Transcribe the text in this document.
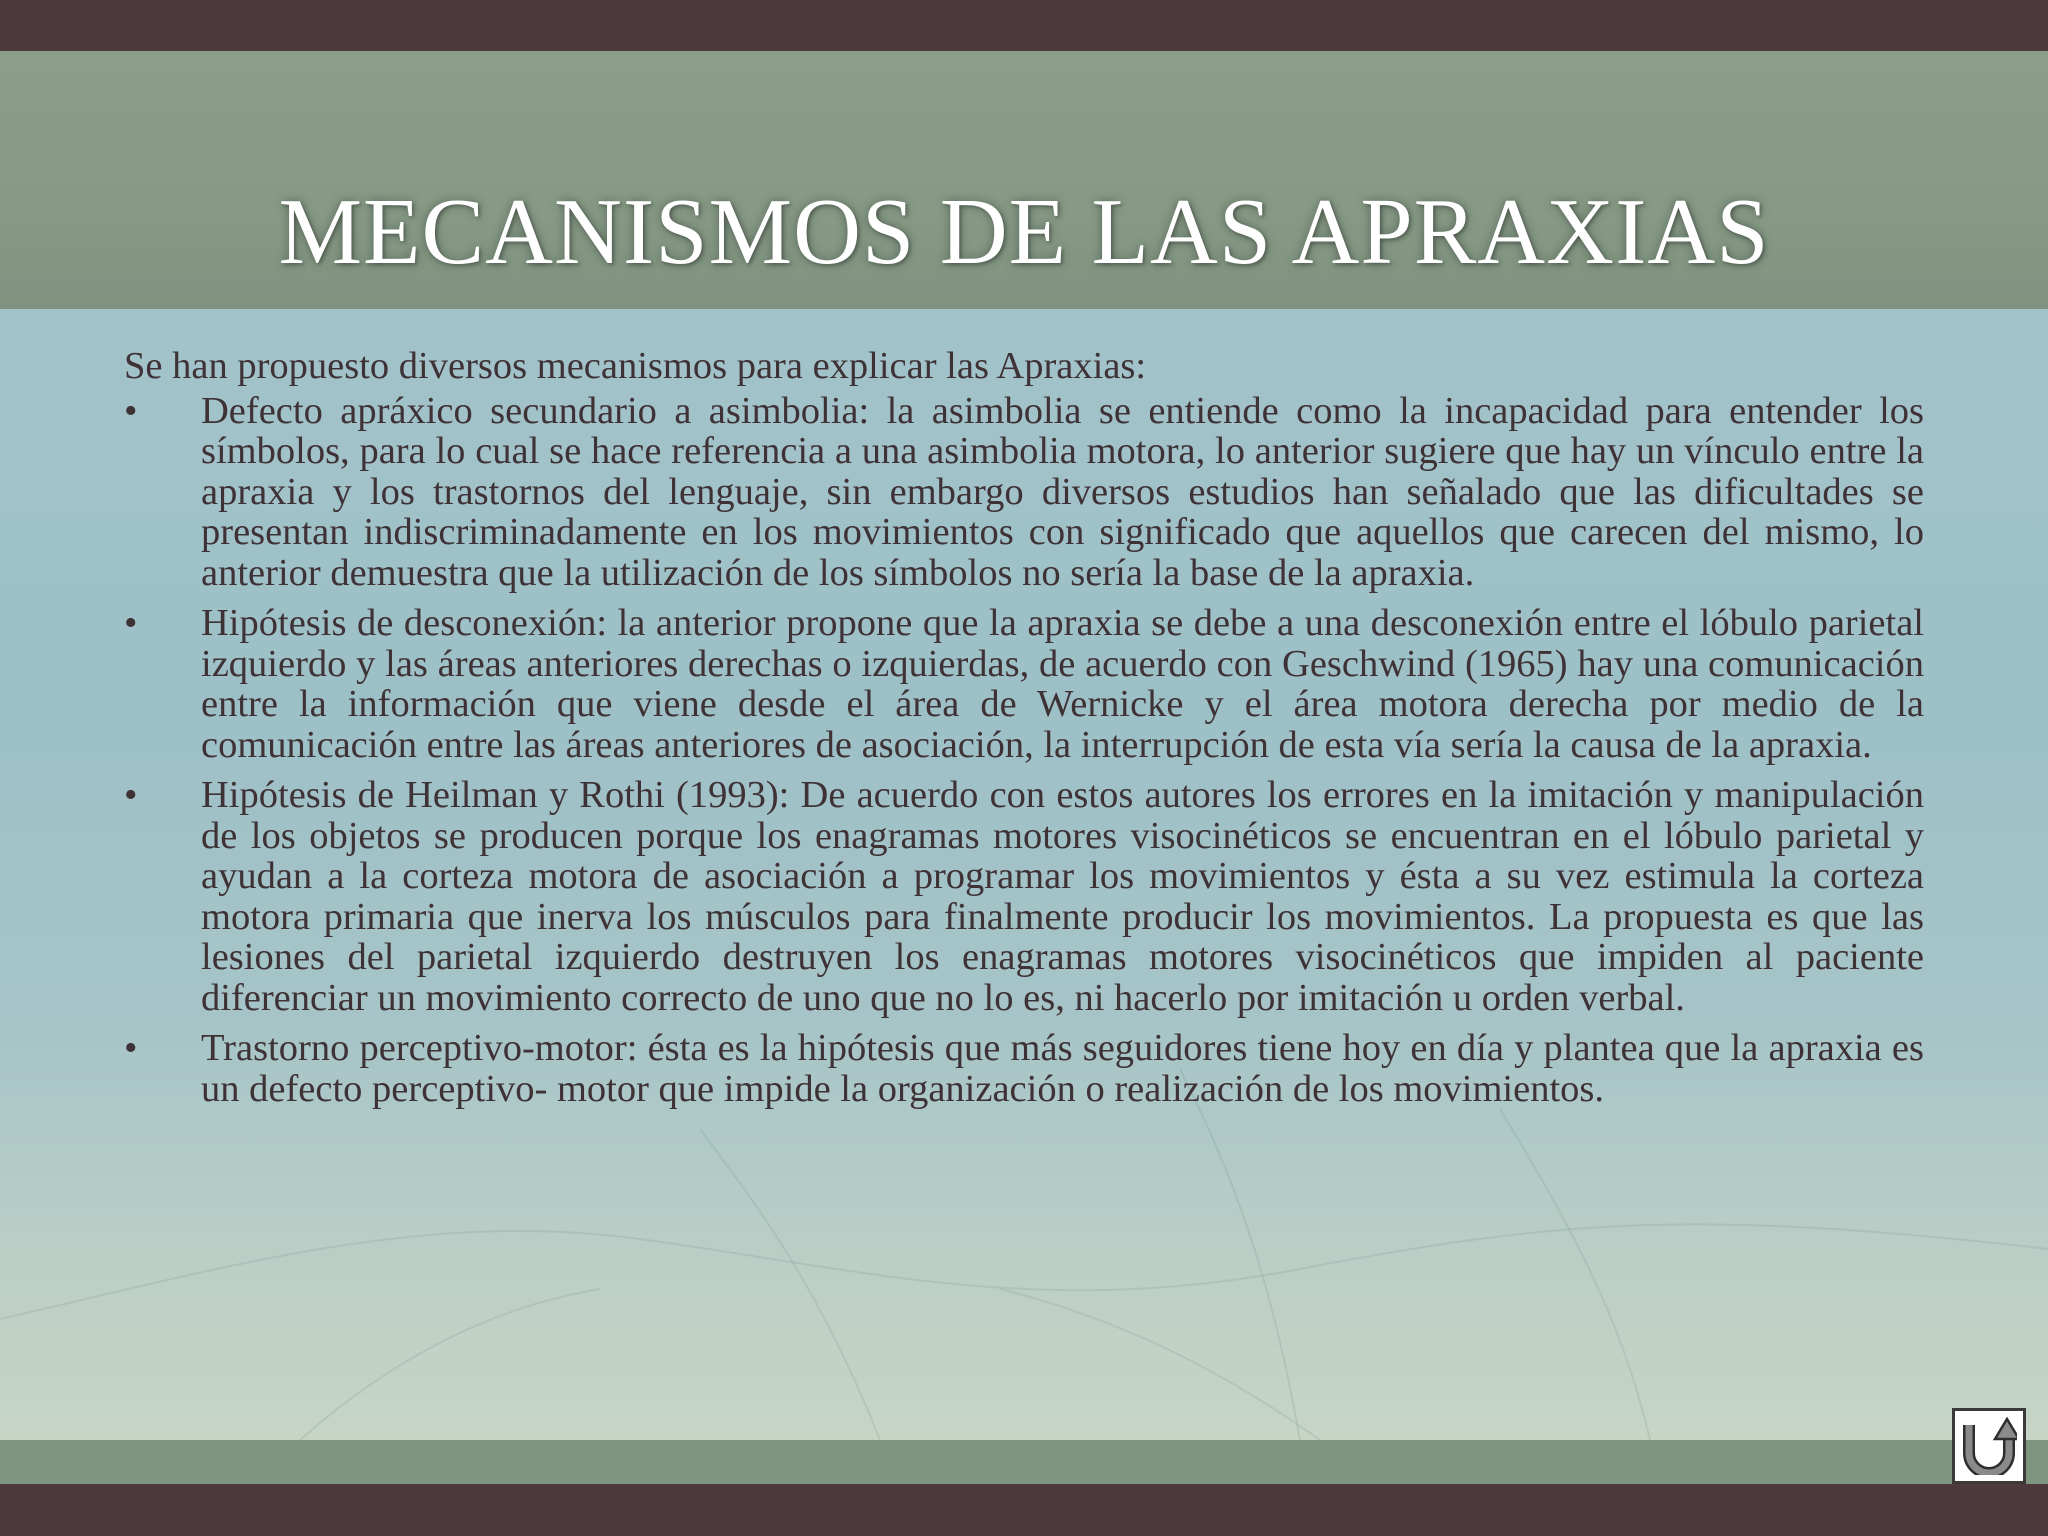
MECANISMOS DE LAS APRAXIAS

Se han propuesto diversos mecanismos para explicar las Apraxias:

• Defecto apráxico secundario a asimbolia: la asimbolia se entiende como la incapacidad para entender los símbolos, para lo cual se hace referencia a una asimbolia motora, lo anterior sugiere que hay un vínculo entre la apraxia y los trastornos del lenguaje, sin embargo diversos estudios han señalado que las dificultades se presentan indiscriminadamente en los movimientos con significado que aquellos que carecen del mismo, lo anterior demuestra que la utilización de los símbolos no sería la base de la apraxia.
• Hipótesis de desconexión: la anterior propone que la apraxia se debe a una desconexión entre el lóbulo parietal izquierdo y las áreas anteriores derechas o izquierdas, de acuerdo con Geschwind (1965) hay una comunicación entre la información que viene desde el área de Wernicke y el área motora derecha por medio de la comunicación entre las áreas anteriores de asociación, la interrupción de esta vía sería la causa de la apraxia.
• Hipótesis de Heilman y Rothi (1993): De acuerdo con estos autores los errores en la imitación y manipulación de los objetos se producen porque los enagramas motores visocinéticos se encuentran en el lóbulo parietal y ayudan a la corteza motora de asociación a programar los movimientos y ésta a su vez estimula la corteza motora primaria que inerva los músculos para finalmente producir los movimientos. La propuesta es que las lesiones del parietal izquierdo destruyen los enagramas motores visocinéticos que impiden al paciente diferenciar un movimiento correcto de uno que no lo es, ni hacerlo por imitación u orden verbal.
• Trastorno perceptivo-motor: ésta es la hipótesis que más seguidores tiene hoy en día y plantea que la apraxia es un defecto perceptivo- motor que impide la organización o realización de los movimientos.
